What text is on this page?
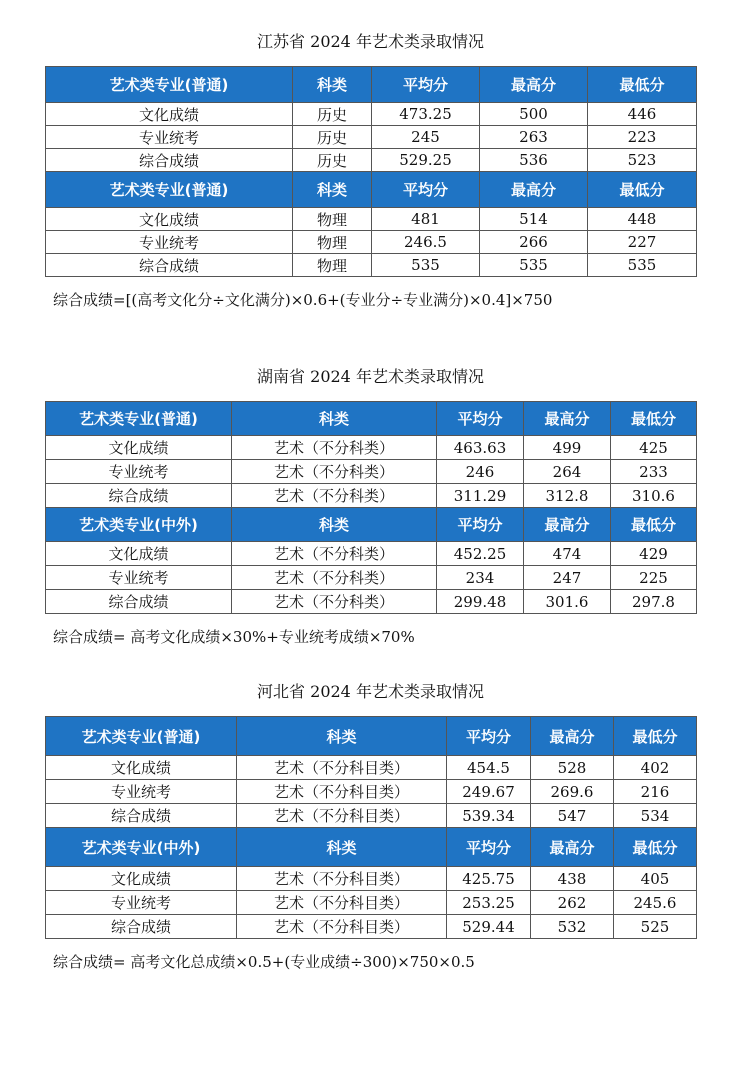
江苏省 2024 年艺术类录取情况
艺术类专业(普通)	科类	平均分	最高分	最低分
文化成绩	历史	473.25	500	446
专业统考	历史	245	263	223
综合成绩	历史	529.25	536	523
艺术类专业(普通)	科类	平均分	最高分	最低分
文化成绩	物理	481	514	448
专业统考	物理	246.5	266	227
综合成绩	物理	535	535	535
综合成绩=[(高考文化分÷文化满分)×0.6+(专业分÷专业满分)×0.4]×750
湖南省 2024 年艺术类录取情况
艺术类专业(普通)	科类	平均分	最高分	最低分
文化成绩	艺术（不分科类）	463.63	499	425
专业统考	艺术（不分科类）	246	264	233
综合成绩	艺术（不分科类）	311.29	312.8	310.6
艺术类专业(中外)	科类	平均分	最高分	最低分
文化成绩	艺术（不分科类）	452.25	474	429
专业统考	艺术（不分科类）	234	247	225
综合成绩	艺术（不分科类）	299.48	301.6	297.8
综合成绩= 高考文化成绩×30%+专业统考成绩×70%
河北省 2024 年艺术类录取情况
艺术类专业(普通)	科类	平均分	最高分	最低分
文化成绩	艺术（不分科目类）	454.5	528	402
专业统考	艺术（不分科目类）	249.67	269.6	216
综合成绩	艺术（不分科目类）	539.34	547	534
艺术类专业(中外)	科类	平均分	最高分	最低分
文化成绩	艺术（不分科目类）	425.75	438	405
专业统考	艺术（不分科目类）	253.25	262	245.6
综合成绩	艺术（不分科目类）	529.44	532	525
综合成绩= 高考文化总成绩×0.5+(专业成绩÷300)×750×0.5
